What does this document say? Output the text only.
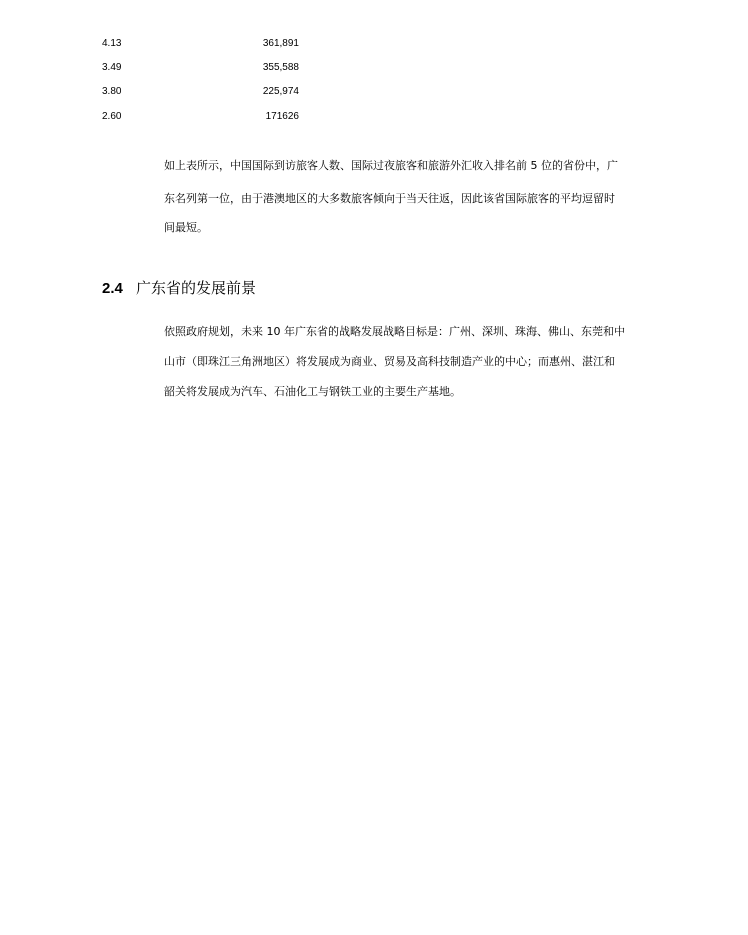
4.13	361,891
3.49	355,588
3.80	225,974
2.60	171626
如上表所示，中国国际到访旅客人数、国际过夜旅客和旅游外汇收入排名前 5 位的省份中，广
东名列第一位，由于港澳地区的大多数旅客倾向于当天往返，因此该省国际旅客的平均逗留时
间最短。
2.4 广东省的发展前景
依照政府规划，未来 10 年广东省的战略发展战略目标是：广州、深圳、珠海、佛山、东莞和中
山市（即珠江三角洲地区）将发展成为商业、贸易及高科技制造产业的中心；而惠州、湛江和
韶关将发展成为汽车、石油化工与钢铁工业的主要生产基地。
